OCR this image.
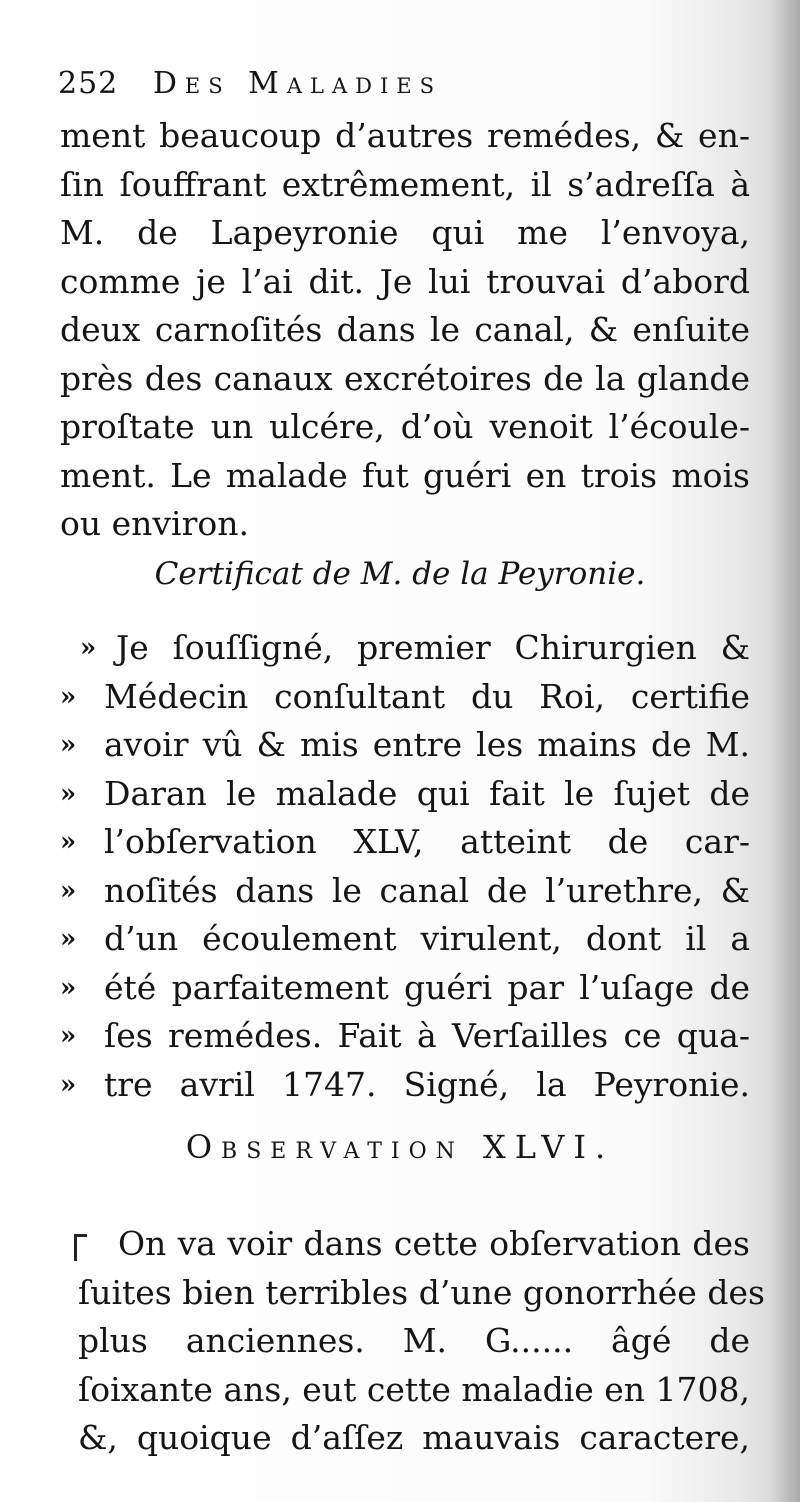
252 Des Maladies
ment beaucoup d’autres remédes, & en-
ſin ſouffrant extrêmement, il s’adreſſa à
M. de Lapeyronie qui me l’envoya,
comme je l’ai dit. Je lui trouvai d’abord
deux carnoſités dans le canal, & enſuite
près des canaux excrétoires de la glande
proſtate un ulcére, d’où venoit l’écoule-
ment. Le malade fut guéri en trois mois
ou environ.
Certificat de M. de la Peyronie.
» Je ſouſſigné, premier Chirurgien &
» Médecin conſultant du Roi, certifie
» avoir vû & mis entre les mains de M.
» Daran le malade qui fait le ſujet de
» l’obſervation XLV, atteint de car-
» noſités dans le canal de l’urethre, &
» d’un écoulement virulent, dont il a
» été parfaitement guéri par l’uſage de
» ſes remédes. Fait à Verſailles ce qua-
» tre avril 1747. Signé, la Peyronie.
Observation XLVI.
On va voir dans cette obſervation des
ſuites bien terribles d’une gonorrhée des
plus anciennes. M. G...... âgé de
ſoixante ans, eut cette maladie en 1708,
&, quoique d’aſſez mauvais caractere,
